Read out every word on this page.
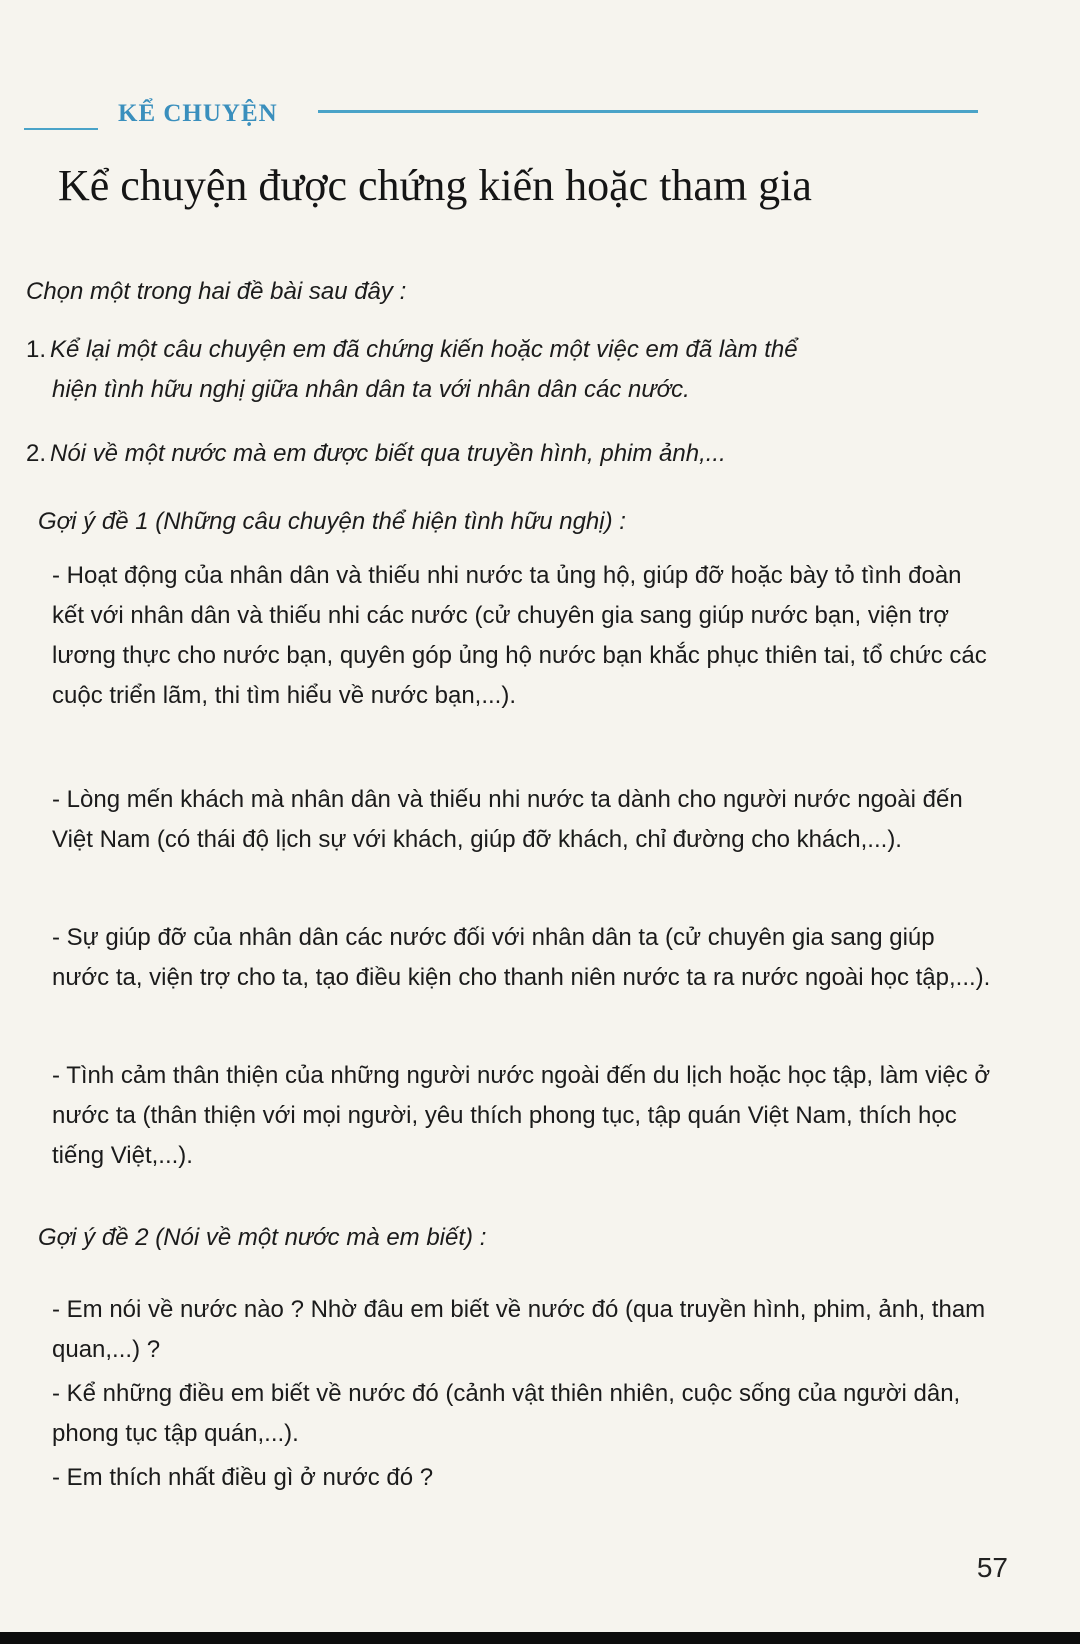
KỂ CHUYỆN
Kể chuyện được chứng kiến hoặc tham gia

Chọn một trong hai đề bài sau đây :

1. Kể lại một câu chuyện em đã chứng kiến hoặc một việc em đã làm thể
hiện tình hữu nghị giữa nhân dân ta với nhân dân các nước.
2. Nói về một nước mà em được biết qua truyền hình, phim ảnh,...

Gợi ý đề 1 (Những câu chuyện thể hiện tình hữu nghị) :

- Hoạt động của nhân dân và thiếu nhi nước ta ủng hộ, giúp đỡ hoặc bày tỏ tình đoàn kết với nhân dân và thiếu nhi các nước (cử chuyên gia sang giúp nước bạn, viện trợ lương thực cho nước bạn, quyên góp ủng hộ nước bạn khắc phục thiên tai, tổ chức các cuộc triển lãm, thi tìm hiểu về nước bạn,...).

- Lòng mến khách mà nhân dân và thiếu nhi nước ta dành cho người nước ngoài đến Việt Nam (có thái độ lịch sự với khách, giúp đỡ khách, chỉ đường cho khách,...).

- Sự giúp đỡ của nhân dân các nước đối với nhân dân ta (cử chuyên gia sang giúp nước ta, viện trợ cho ta, tạo điều kiện cho thanh niên nước ta ra nước ngoài học tập,...).

- Tình cảm thân thiện của những người nước ngoài đến du lịch hoặc học tập, làm việc ở nước ta (thân thiện với mọi người, yêu thích phong tục, tập quán Việt Nam, thích học tiếng Việt,...).

Gợi ý đề 2 (Nói về một nước mà em biết) :

- Em nói về nước nào ? Nhờ đâu em biết về nước đó (qua truyền hình, phim, ảnh, tham quan,...) ?

- Kể những điều em biết về nước đó (cảnh vật thiên nhiên, cuộc sống của người dân, phong tục tập quán,...).

- Em thích nhất điều gì ở nước đó ?

57
